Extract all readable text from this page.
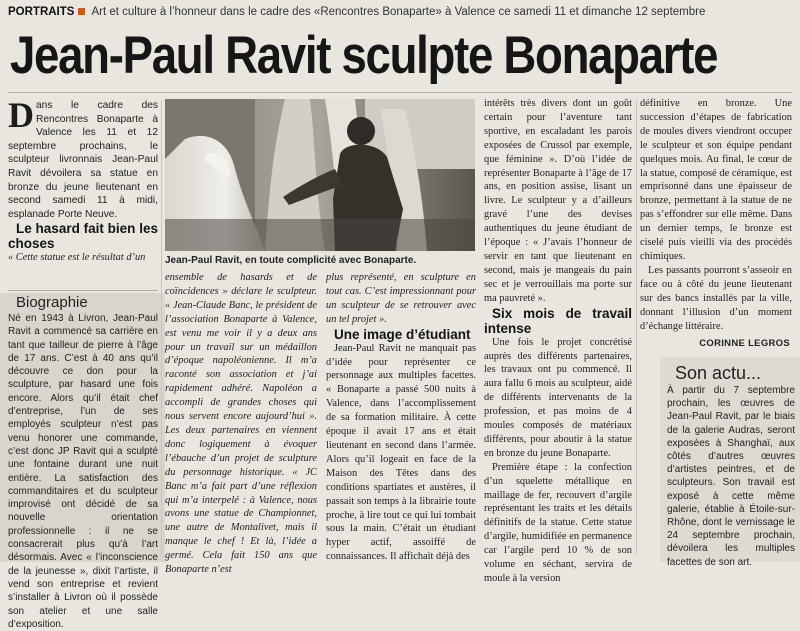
PORTRAITS Art et culture à l’honneur dans le cadre des «Rencontres Bonaparte» à Valence ce samedi 11 et dimanche 12 septembre
Jean-Paul Ravit sculpte Bonaparte
D ans le cadre des Rencontres Bonaparte à Valence les 11 et 12 septembre prochains, le sculpteur livronnais Jean-Paul Ravit dévoilera sa statue en bronze du jeune lieutenant en second samedi 11 à midi, esplanade Porte Neuve.

Le hasard fait bien les choses

« Cette statue est le résultat d’un

Biographie

Né en 1943 à Livron, Jean-Paul Ravit a commencé sa carrière en tant que tailleur de pierre à l’âge de 17 ans. C’est à 40 ans qu’il découvre ce don pour la sculpture, par hasard une fois encore. Alors qu’il était chef d’entreprise, l’un de ses employés sculpteur n’est pas venu honorer une commande, c’est donc JP Ravit qui a sculpté une fontaine durant une nuit entière. La satisfaction des commanditaires et du sculpteur improvisé ont décidé de sa nouvelle orientation professionnelle : il ne se consacrerait plus qu’à l’art désormais. Avec « l’inconscience de la jeunesse », dixit l’artiste, il vend son entreprise et revient s’installer à Livron où il possède son atelier et une salle d’exposition.

Jean-Paul Ravit, en toute complicité avec Bonaparte.

ensemble de hasards et de coïncidences » déclare le sculpteur. « Jean-Claude Banc, le président de l’association Bonaparte à Valence, est venu me voir il y a deux ans pour un travail sur un médaillon d’époque napoléonienne. Il m’a raconté son association et j’ai rapidement adhéré. Napoléon a accompli de grandes choses qui nous servent encore aujourd’hui ». Les deux partenaires en viennent donc logiquement à évoquer l’ébauche d’un projet de sculpture du personnage historique. « JC Banc m’a fait part d’une réflexion qui m’a interpelé : à Valence, nous avons une statue de Championnet, une autre de Montalivet, mais il manque le chef ! Et là, l’idée a germé. Cela fait 150 ans que Bonaparte n’est

plus représenté, en sculpture en tout cas. C’est impressionnant pour un sculpteur de se retrouver avec un tel projet ».

Une image d’étudiant

Jean-Paul Ravit ne manquait pas d’idée pour représenter ce personnage aux multiples facettes. « Bonaparte a passé 500 nuits à Valence, dans l’accomplissement de sa formation militaire. À cette époque il avait 17 ans et était lieutenant en second dans l’armée. Alors qu’il logeait en face de la Maison des Têtes dans des conditions spartiates et austères, il passait son temps à la librairie toute proche, à lire tout ce qui lui tombait sous la main. C’était un étudiant hyper actif, assoiffé de connaissances. Il affichait déjà des

intérêts très divers dont un goût certain pour l’aventure tant sportive, en escaladant les parois exposées de Crussol par exemple, que féminine ». D’où l’idée de représenter Bonaparte à l’âge de 17 ans, en position assise, lisant un livre. Le sculpteur y a d’ailleurs gravé l’une des devises authentiques du jeune étudiant de l’époque : « J’avais l’honneur de servir en tant que lieutenant en second, mais je mangeais du pain sec et je verrouillais ma porte sur ma pauvreté ».

Six mois de travail intense

Une fois le projet concrétisé auprès des différents partenaires, les travaux ont pu commencé. Il aura fallu 6 mois au sculpteur, aidé de différents intervenants de la profession, et pas moins de 4 moules composés de matériaux différents, pour aboutir à la statue en bronze du jeune Bonaparte.

Première étape : la confection d’un squelette métallique en maillage de fer, recouvert d’argile représentant les traits et les détails définitifs de la statue. Cette statue d’argile, humidifiée en permanence car l’argile perd 10 % de son volume en séchant, servira de moule à la version

définitive en bronze. Une succession d’étapes de fabrication de moules divers viendront occuper le sculpteur et son équipe pendant quelques mois. Au final, le cœur de la statue, composé de céramique, est emprisonné dans une épaisseur de bronze, permettant à la statue de ne pas s’effondrer sur elle même. Dans un dernier temps, le bronze est ciselé puis vieilli via des procédés chimiques.

Les passants pourront s’asseoir en face ou à côté du jeune lieutenant sur des bancs installés par la ville, donnant l’illusion d’un moment d’échange littéraire.

CORINNE LEGROS

Son actu...

À partir du 7 septembre prochain, les œuvres de Jean-Paul Ravit, par le biais de la galerie Audras, seront exposées à Shanghaï, aux côtés d’autres œuvres d’artistes peintres, et de sculpteurs. Son travail est exposé à cette même galerie, établie à Étoile-sur-Rhône, dont le vernissage le 24 septembre prochain, dévoilera les multiples facettes de son art.
